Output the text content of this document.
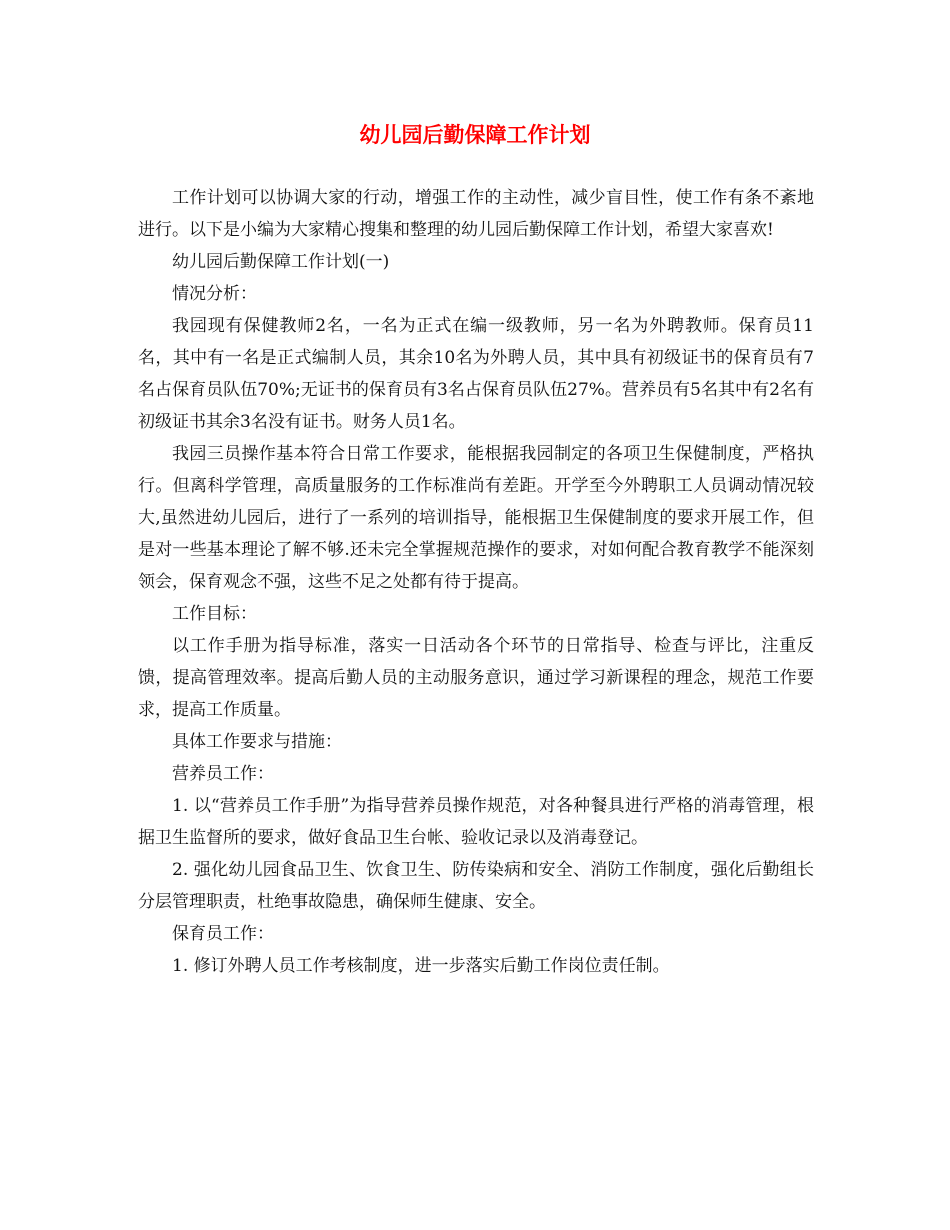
幼儿园后勤保障工作计划

工作计划可以协调大家的行动，增强工作的主动性，减少盲目性，使工作有条不紊地进行。以下是小编为大家精心搜集和整理的幼儿园后勤保障工作计划，希望大家喜欢!

幼儿园后勤保障工作计划(一)

情况分析：

我园现有保健教师2名，一名为正式在编一级教师，另一名为外聘教师。保育员11名，其中有一名是正式编制人员，其余10名为外聘人员，其中具有初级证书的保育员有7名占保育员队伍70%;无证书的保育员有3名占保育员队伍27%。营养员有5名其中有2名有初级证书其余3名没有证书。财务人员1名。

我园三员操作基本符合日常工作要求，能根据我园制定的各项卫生保健制度，严格执行。但离科学管理，高质量服务的工作标准尚有差距。开学至今外聘职工人员调动情况较大,虽然进幼儿园后，进行了一系列的培训指导，能根据卫生保健制度的要求开展工作，但是对一些基本理论了解不够.还未完全掌握规范操作的要求，对如何配合教育教学不能深刻领会，保育观念不强，这些不足之处都有待于提高。

工作目标：

以工作手册为指导标准，落实一日活动各个环节的日常指导、检查与评比，注重反馈，提高管理效率。提高后勤人员的主动服务意识，通过学习新课程的理念，规范工作要求，提高工作质量。

具体工作要求与措施：

营养员工作：

1. 以“营养员工作手册”为指导营养员操作规范，对各种餐具进行严格的消毒管理，根据卫生监督所的要求，做好食品卫生台帐、验收记录以及消毒登记。

2. 强化幼儿园食品卫生、饮食卫生、防传染病和安全、消防工作制度，强化后勤组长分层管理职责，杜绝事故隐患，确保师生健康、安全。

保育员工作：

1. 修订外聘人员工作考核制度，进一步落实后勤工作岗位责任制。
